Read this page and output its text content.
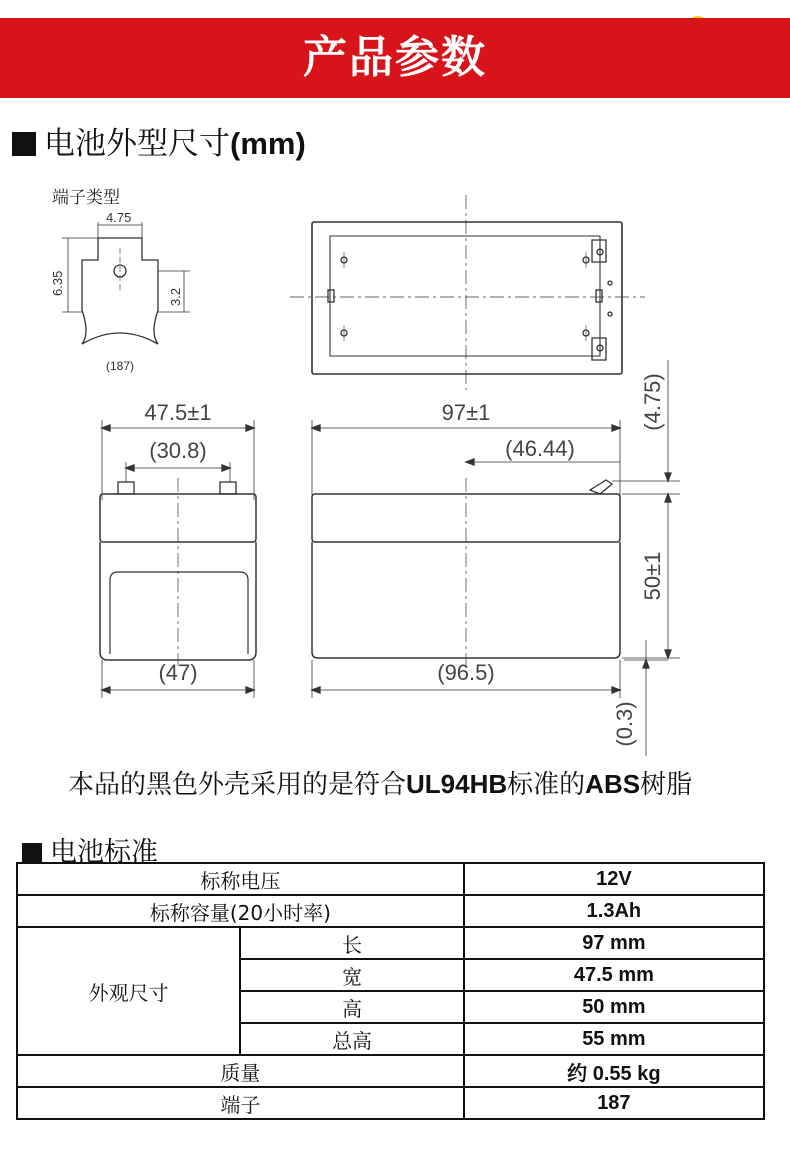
产品参数
电池外型尺寸(mm)
端子类型
4.75
6.35
3.2
(187)
47.5±1
(30.8)
(47)
97±1
(46.44)
(96.5)
(4.75)
50±1
(0.3)
本品的黑色外壳采用的是符合UL94HB标准的ABS树脂
电池标准
标称电压		12V
标称容量(20小时率)		1.3Ah
外观尺寸	长	97 mm
	宽	47.5 mm
	高	50 mm
	总高	55 mm
质量		约 0.55 kg
端子		187
